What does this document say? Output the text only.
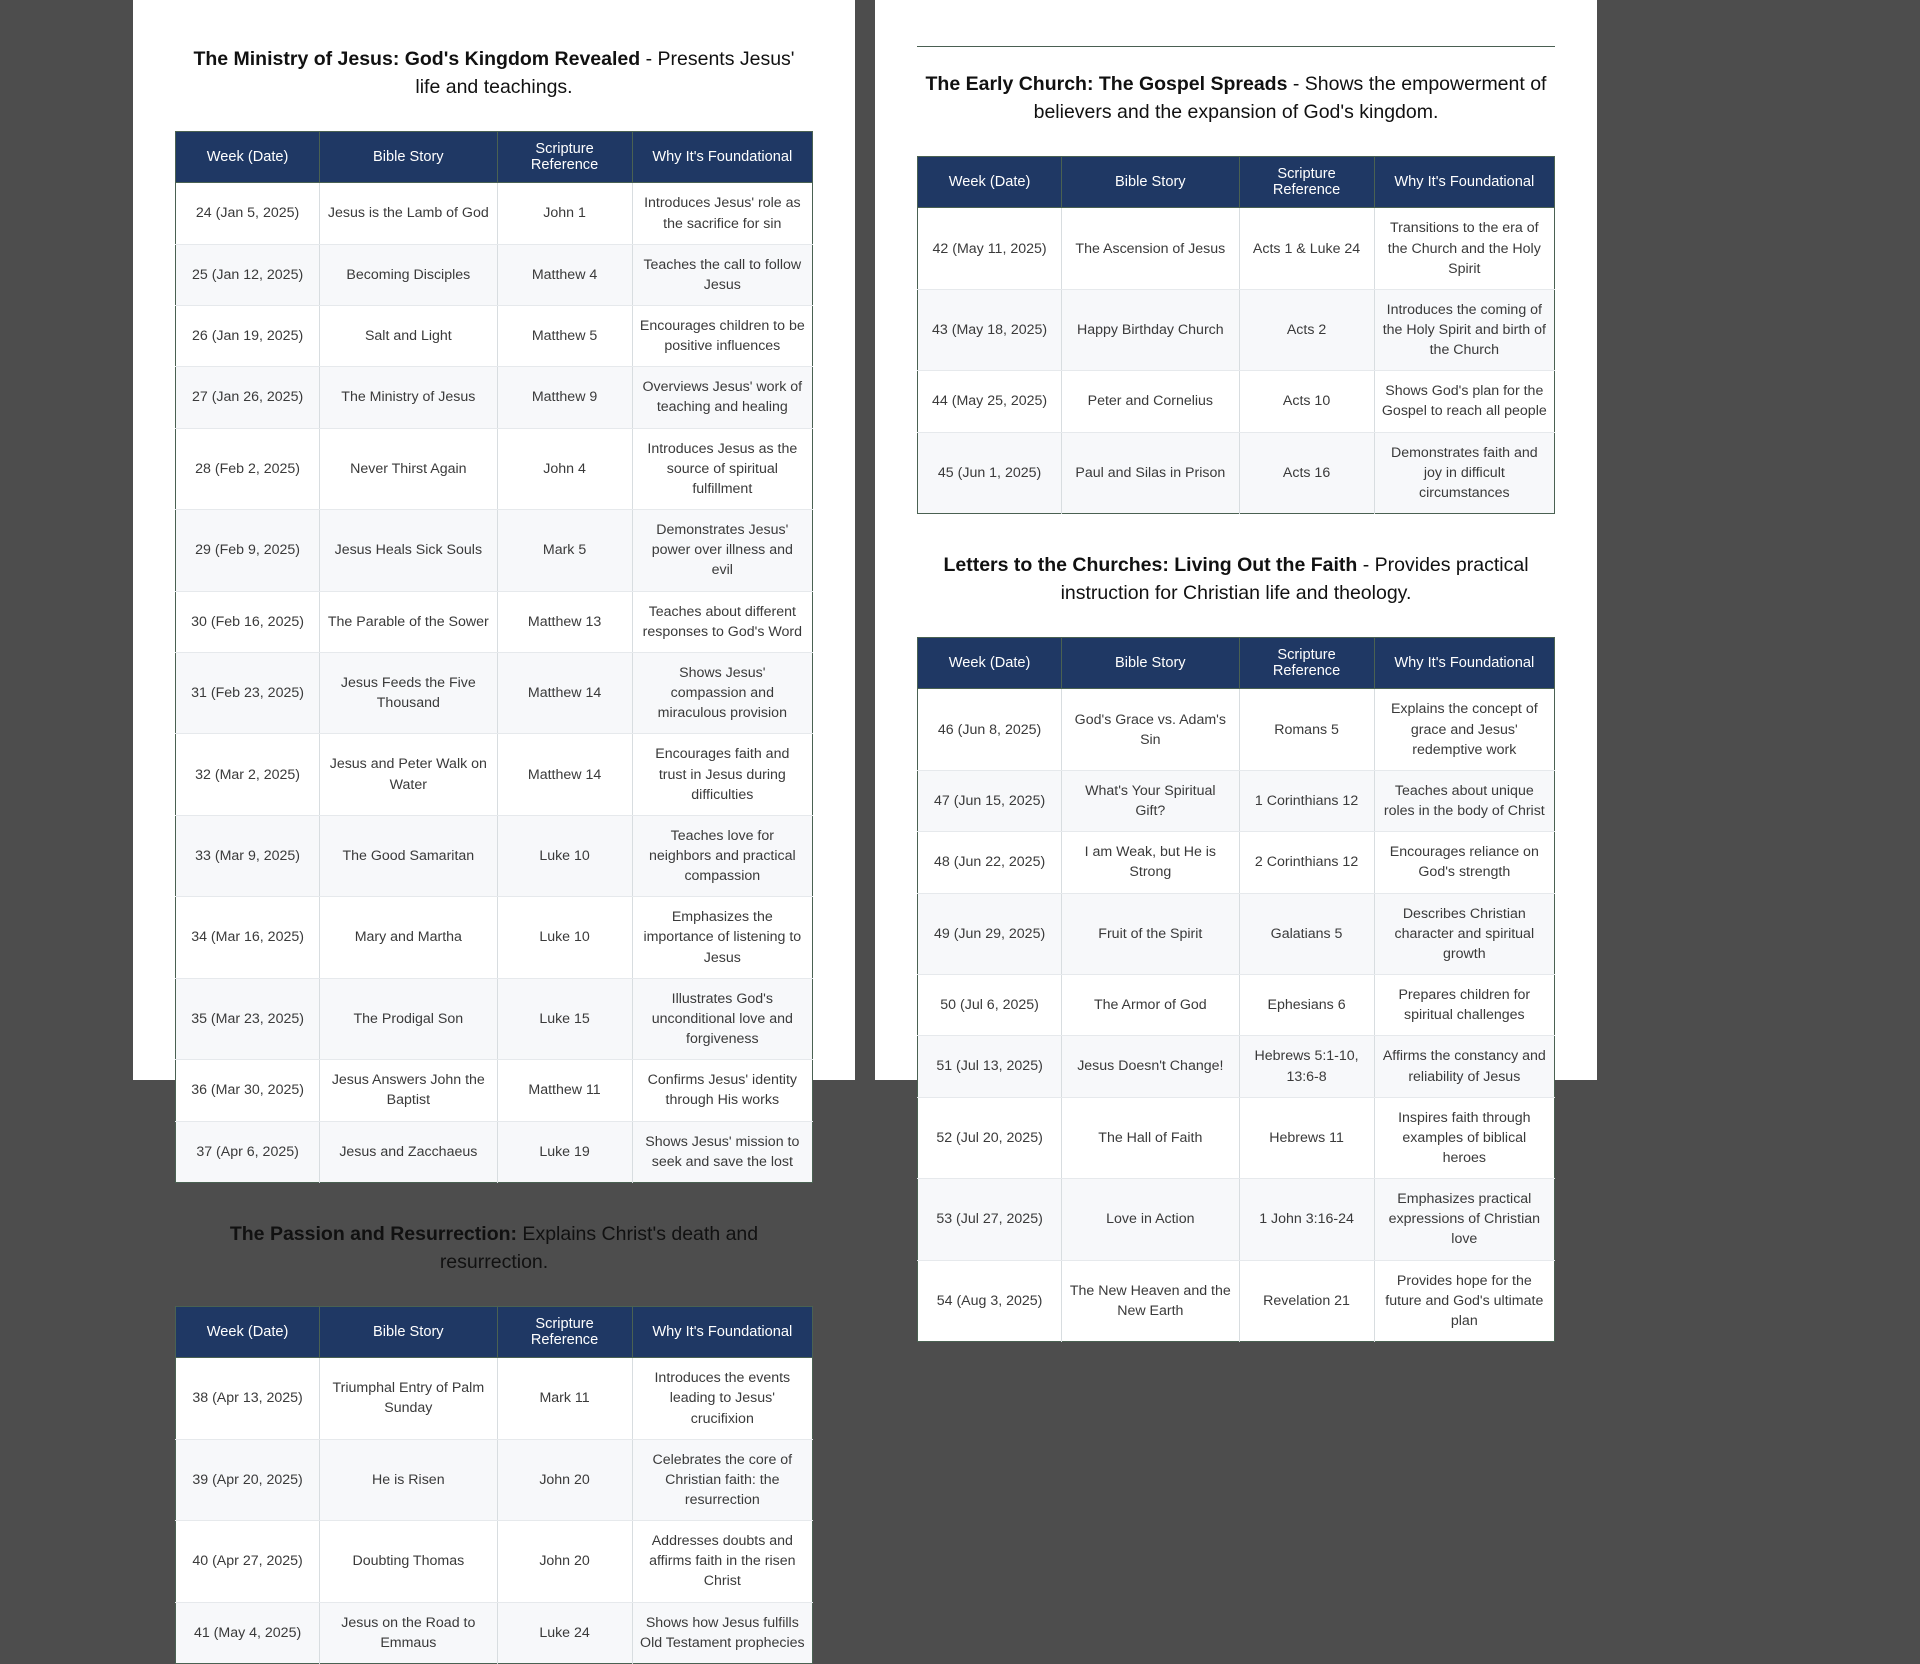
The Ministry of Jesus: God's Kingdom Revealed - Presents Jesus' life and teachings.

Week (Date)	Bible Story	Scripture Reference	Why It's Foundational
24 (Jan 5, 2025)	Jesus is the Lamb of God	John 1	Introduces Jesus' role as the sacrifice for sin
25 (Jan 12, 2025)	Becoming Disciples	Matthew 4	Teaches the call to follow Jesus
26 (Jan 19, 2025)	Salt and Light	Matthew 5	Encourages children to be positive influences
27 (Jan 26, 2025)	The Ministry of Jesus	Matthew 9	Overviews Jesus' work of teaching and healing
28 (Feb 2, 2025)	Never Thirst Again	John 4	Introduces Jesus as the source of spiritual fulfillment
29 (Feb 9, 2025)	Jesus Heals Sick Souls	Mark 5	Demonstrates Jesus' power over illness and evil
30 (Feb 16, 2025)	The Parable of the Sower	Matthew 13	Teaches about different responses to God's Word
31 (Feb 23, 2025)	Jesus Feeds the Five Thousand	Matthew 14	Shows Jesus' compassion and miraculous provision
32 (Mar 2, 2025)	Jesus and Peter Walk on Water	Matthew 14	Encourages faith and trust in Jesus during difficulties
33 (Mar 9, 2025)	The Good Samaritan	Luke 10	Teaches love for neighbors and practical compassion
34 (Mar 16, 2025)	Mary and Martha	Luke 10	Emphasizes the importance of listening to Jesus
35 (Mar 23, 2025)	The Prodigal Son	Luke 15	Illustrates God's unconditional love and forgiveness
36 (Mar 30, 2025)	Jesus Answers John the Baptist	Matthew 11	Confirms Jesus' identity through His works
37 (Apr 6, 2025)	Jesus and Zacchaeus	Luke 19	Shows Jesus' mission to seek and save the lost

The Passion and Resurrection: Explains Christ's death and resurrection.

Week (Date)	Bible Story	Scripture Reference	Why It's Foundational
38 (Apr 13, 2025)	Triumphal Entry of Palm Sunday	Mark 11	Introduces the events leading to Jesus' crucifixion
39 (Apr 20, 2025)	He is Risen	John 20	Celebrates the core of Christian faith: the resurrection
40 (Apr 27, 2025)	Doubting Thomas	John 20	Addresses doubts and affirms faith in the risen Christ
41 (May 4, 2025)	Jesus on the Road to Emmaus	Luke 24	Shows how Jesus fulfills Old Testament prophecies

The Early Church: The Gospel Spreads - Shows the empowerment of believers and the expansion of God's kingdom.

Week (Date)	Bible Story	Scripture Reference	Why It's Foundational
42 (May 11, 2025)	The Ascension of Jesus	Acts 1 & Luke 24	Transitions to the era of the Church and the Holy Spirit
43 (May 18, 2025)	Happy Birthday Church	Acts 2	Introduces the coming of the Holy Spirit and birth of the Church
44 (May 25, 2025)	Peter and Cornelius	Acts 10	Shows God's plan for the Gospel to reach all people
45 (Jun 1, 2025)	Paul and Silas in Prison	Acts 16	Demonstrates faith and joy in difficult circumstances

Letters to the Churches: Living Out the Faith - Provides practical instruction for Christian life and theology.

Week (Date)	Bible Story	Scripture Reference	Why It's Foundational
46 (Jun 8, 2025)	God's Grace vs. Adam's Sin	Romans 5	Explains the concept of grace and Jesus' redemptive work
47 (Jun 15, 2025)	What's Your Spiritual Gift?	1 Corinthians 12	Teaches about unique roles in the body of Christ
48 (Jun 22, 2025)	I am Weak, but He is Strong	2 Corinthians 12	Encourages reliance on God's strength
49 (Jun 29, 2025)	Fruit of the Spirit	Galatians 5	Describes Christian character and spiritual growth
50 (Jul 6, 2025)	The Armor of God	Ephesians 6	Prepares children for spiritual challenges
51 (Jul 13, 2025)	Jesus Doesn't Change!	Hebrews 5:1-10, 13:6-8	Affirms the constancy and reliability of Jesus
52 (Jul 20, 2025)	The Hall of Faith	Hebrews 11	Inspires faith through examples of biblical heroes
53 (Jul 27, 2025)	Love in Action	1 John 3:16-24	Emphasizes practical expressions of Christian love
54 (Aug 3, 2025)	The New Heaven and the New Earth	Revelation 21	Provides hope for the future and God's ultimate plan
